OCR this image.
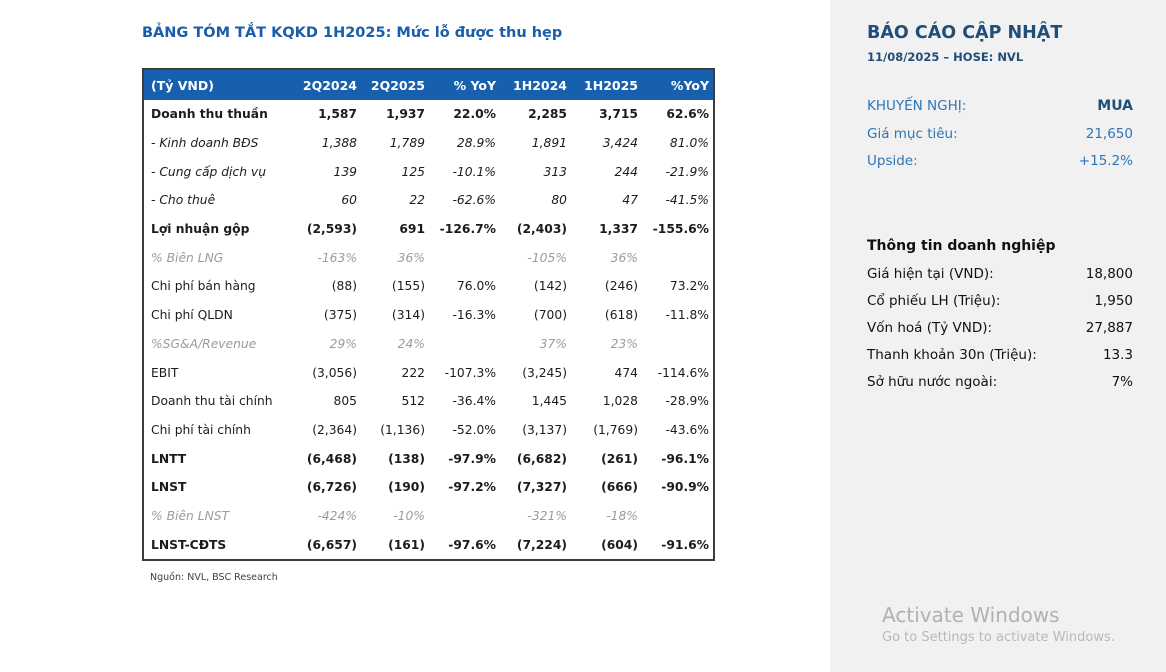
BẢNG TÓM TẮT KQKD 1H2025: Mức lỗ được thu hẹp
(Tỷ VND)	2Q2024	2Q2025	% YoY	1H2024	1H2025	%YoY
Doanh thu thuần	1,587	1,937	22.0%	2,285	3,715	62.6%
- Kinh doanh BĐS	1,388	1,789	28.9%	1,891	3,424	81.0%
- Cung cấp dịch vụ	139	125	-10.1%	313	244	-21.9%
- Cho thuê	60	22	-62.6%	80	47	-41.5%
Lợi nhuận gộp	(2,593)	691	-126.7%	(2,403)	1,337	-155.6%
% Biên LNG	-163%	36%		-105%	36%	
Chi phí bán hàng	(88)	(155)	76.0%	(142)	(246)	73.2%
Chi phí QLDN	(375)	(314)	-16.3%	(700)	(618)	-11.8%
%SG&A/Revenue	29%	24%		37%	23%	
EBIT	(3,056)	222	-107.3%	(3,245)	474	-114.6%
Doanh thu tài chính	805	512	-36.4%	1,445	1,028	-28.9%
Chi phí tài chính	(2,364)	(1,136)	-52.0%	(3,137)	(1,769)	-43.6%
LNTT	(6,468)	(138)	-97.9%	(6,682)	(261)	-96.1%
LNST	(6,726)	(190)	-97.2%	(7,327)	(666)	-90.9%
% Biên LNST	-424%	-10%		-321%	-18%	
LNST-CĐTS	(6,657)	(161)	-97.6%	(7,224)	(604)	-91.6%
Nguồn: NVL, BSC Research
BÁO CÁO CẬP NHẬT
11/08/2025 – HOSE: NVL
KHUYẾN NGHỊ:	MUA
Giá mục tiêu:	21,650
Upside:	+15.2%
Thông tin doanh nghiệp
Giá hiện tại (VND):	18,800
Cổ phiếu LH (Triệu):	1,950
Vốn hoá (Tỷ VND):	27,887
Thanh khoản 30n (Triệu):	13.3
Sở hữu nước ngoài:	7%
Activate Windows
Go to Settings to activate Windows.
